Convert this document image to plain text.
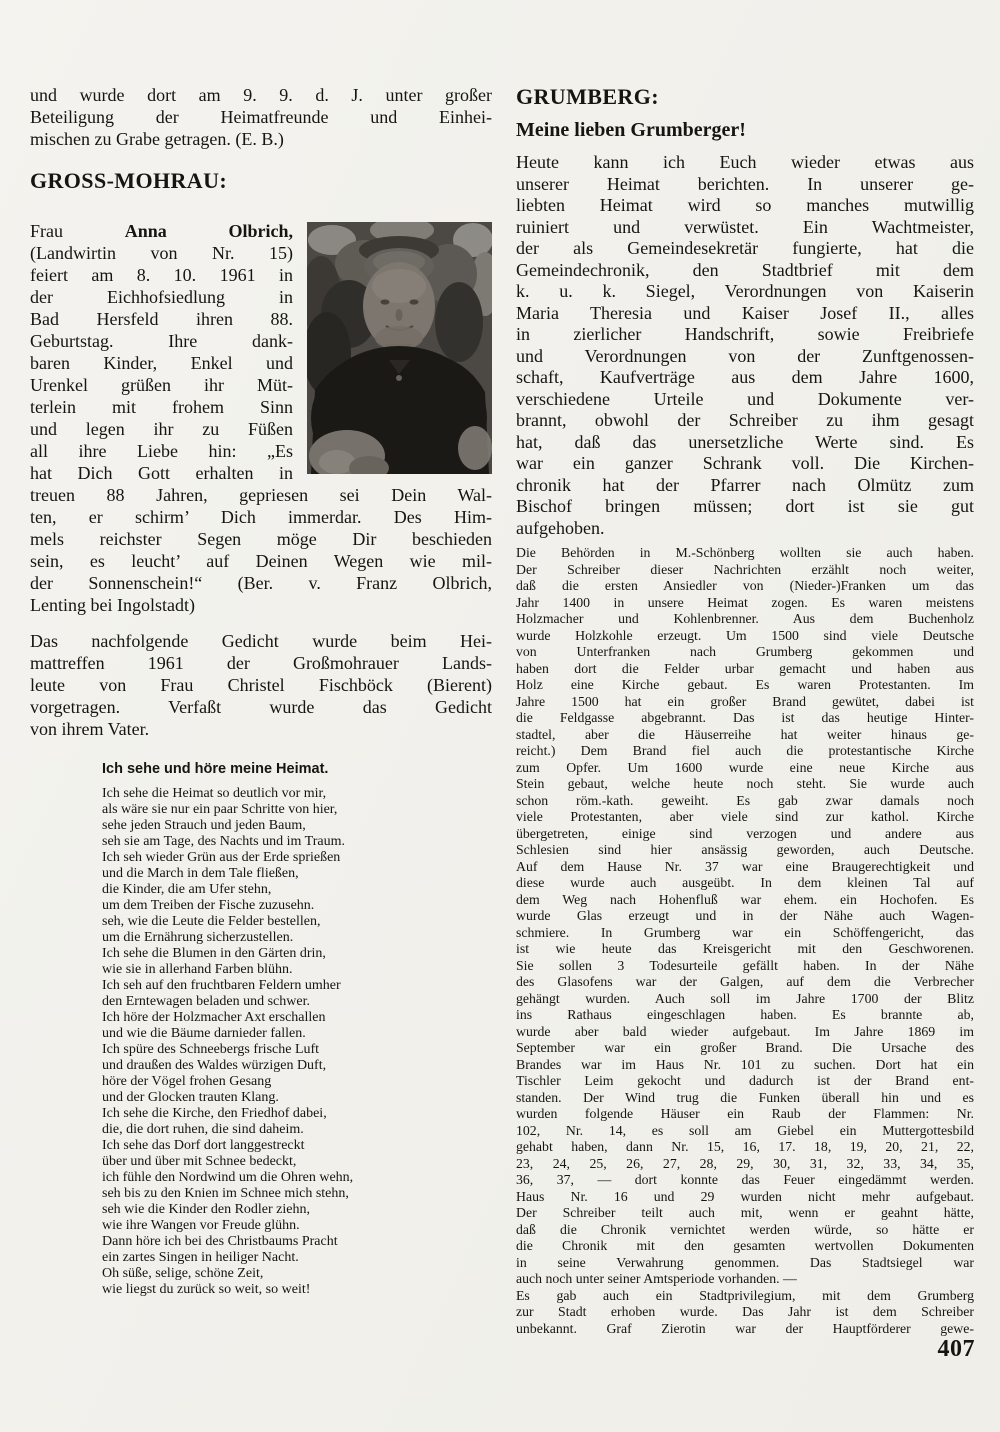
und wurde dort am 9. 9. d. J. unter großer
Beteiligung der Heimatfreunde und Einhei-
mischen zu Grabe getragen. (E. B.)
GROSS-MOHRAU:
Frau	Anna Olbrich,
(Landwirtin von Nr. 15)
feiert am 8. 10. 1961 in
der Eichhofsiedlung in
Bad Hersfeld ihren 88.
Geburtstag. Ihre dank-
baren Kinder, Enkel und
Urenkel grüßen ihr Müt-
terlein mit frohem Sinn
und legen ihr zu Füßen
all ihre Liebe hin: „Es
hat Dich Gott erhalten in
treuen 88 Jahren, gepriesen sei Dein Wal-
ten, er schirm’ Dich immerdar. Des Him-
mels reichster Segen möge Dir beschieden
sein, es leucht’ auf Deinen Wegen wie mil-
der Sonnenschein!“ (Ber. v. Franz Olbrich,
Lenting bei Ingolstadt)
Das nachfolgende Gedicht wurde beim Hei-
mattreffen 1961 der Großmohrauer Lands-
leute von Frau Christel Fischböck (Bierent)
vorgetragen. Verfaßt wurde das Gedicht
von ihrem Vater.
Ich sehe und höre meine Heimat.
Ich sehe die Heimat so deutlich vor mir,
als wäre sie nur ein paar Schritte von hier,
sehe jeden Strauch und jeden Baum,
seh sie am Tage, des Nachts und im Traum.
Ich seh wieder Grün aus der Erde sprießen
und die March in dem Tale fließen,
die Kinder, die am Ufer stehn,
um dem Treiben der Fische zuzusehn.
seh, wie die Leute die Felder bestellen,
um die Ernährung sicherzustellen.
Ich sehe die Blumen in den Gärten drin,
wie sie in allerhand Farben blühn.
Ich seh auf den fruchtbaren Feldern umher
den Erntewagen beladen und schwer.
Ich höre der Holzmacher Axt erschallen
und wie die Bäume darnieder fallen.
Ich spüre des Schneebergs frische Luft
und draußen des Waldes würzigen Duft,
höre der Vögel frohen Gesang
und der Glocken trauten Klang.
Ich sehe die Kirche, den Friedhof dabei,
die, die dort ruhen, die sind daheim.
Ich sehe das Dorf dort langgestreckt
über und über mit Schnee bedeckt,
ich fühle den Nordwind um die Ohren wehn,
seh bis zu den Knien im Schnee mich stehn,
seh wie die Kinder den Rodler ziehn,
wie ihre Wangen vor Freude glühn.
Dann höre ich bei des Christbaums Pracht
ein zartes Singen in heiliger Nacht.
Oh süße, selige, schöne Zeit,
wie liegst du zurück so weit, so weit!
GRUMBERG:
Meine lieben Grumberger!
Heute kann ich Euch wieder etwas aus
unserer Heimat berichten. In unserer ge-
liebten Heimat wird so manches mutwillig
ruiniert und verwüstet. Ein Wachtmeister,
der als Gemeindesekretär fungierte, hat die
Gemeindechronik, den Stadtbrief mit dem
k. u. k. Siegel, Verordnungen von Kaiserin
Maria Theresia und Kaiser Josef II., alles
in zierlicher Handschrift, sowie Freibriefe
und Verordnungen von der Zunftgenossen-
schaft, Kaufverträge aus dem Jahre 1600,
verschiedene Urteile und Dokumente ver-
brannt, obwohl der Schreiber zu ihm gesagt
hat, daß das unersetzliche Werte sind. Es
war ein ganzer Schrank voll. Die Kirchen-
chronik hat der Pfarrer nach Olmütz zum
Bischof bringen müssen; dort ist sie gut
aufgehoben.
Die Behörden in M.-Schönberg wollten sie auch haben.
Der Schreiber dieser Nachrichten erzählt noch weiter,
daß die ersten Ansiedler von (Nieder-)Franken um das
Jahr 1400 in unsere Heimat zogen. Es waren meistens
Holzmacher und Kohlenbrenner. Aus dem Buchenholz
wurde Holzkohle erzeugt. Um 1500 sind viele Deutsche
von Unterfranken nach Grumberg gekommen und
haben dort die Felder urbar gemacht und haben aus
Holz eine Kirche gebaut. Es waren Protestanten. Im
Jahre 1500 hat ein großer Brand gewütet, dabei ist
die Feldgasse abgebrannt. Das ist das heutige Hinter-
stadtel, aber die Häuserreihe hat weiter hinaus ge-
reicht.) Dem Brand fiel auch die protestantische Kirche
zum Opfer. Um 1600 wurde eine neue Kirche aus
Stein gebaut, welche heute noch steht. Sie wurde auch
schon röm.-kath. geweiht. Es gab zwar damals noch
viele Protestanten, aber viele sind zur kathol. Kirche
übergetreten, einige sind verzogen und andere aus
Schlesien sind hier ansässig geworden, auch Deutsche.
Auf dem Hause Nr. 37 war eine Braugerechtigkeit und
diese wurde auch ausgeübt. In dem kleinen Tal auf
dem Weg nach Hohenfluß war ehem. ein Hochofen. Es
wurde Glas erzeugt und in der Nähe auch Wagen-
schmiere. In Grumberg war ein Schöffengericht, das
ist wie heute das Kreisgericht mit den Geschworenen.
Sie sollen 3 Todesurteile gefällt haben. In der Nähe
des Glasofens war der Galgen, auf dem die Verbrecher
gehängt wurden. Auch soll im Jahre 1700 der Blitz
ins Rathaus eingeschlagen haben. Es brannte ab,
wurde aber bald wieder aufgebaut. Im Jahre 1869 im
September war ein großer Brand. Die Ursache des
Brandes war im Haus Nr. 101 zu suchen. Dort hat ein
Tischler Leim gekocht und dadurch ist der Brand ent-
standen. Der Wind trug die Funken überall hin und es
wurden folgende Häuser ein Raub der Flammen: Nr.
102, Nr. 14, es soll am Giebel ein Muttergottesbild
gehabt haben, dann Nr. 15, 16, 17. 18, 19, 20, 21, 22,
23, 24, 25, 26, 27, 28, 29, 30, 31, 32, 33, 34, 35,
36, 37, — dort konnte das Feuer eingedämmt werden.
Haus Nr. 16 und 29 wurden nicht mehr aufgebaut.
Der Schreiber teilt auch mit, wenn er geahnt hätte,
daß die Chronik vernichtet werden würde, so hätte er
die Chronik mit den gesamten wertvollen Dokumenten
in seine Verwahrung genommen. Das Stadtsiegel war
auch noch unter seiner Amtsperiode vorhanden. —
Es gab auch ein Stadtprivilegium, mit dem Grumberg
zur Stadt erhoben wurde. Das Jahr ist dem Schreiber
unbekannt. Graf Zierotin war der Hauptförderer gewe-
407
